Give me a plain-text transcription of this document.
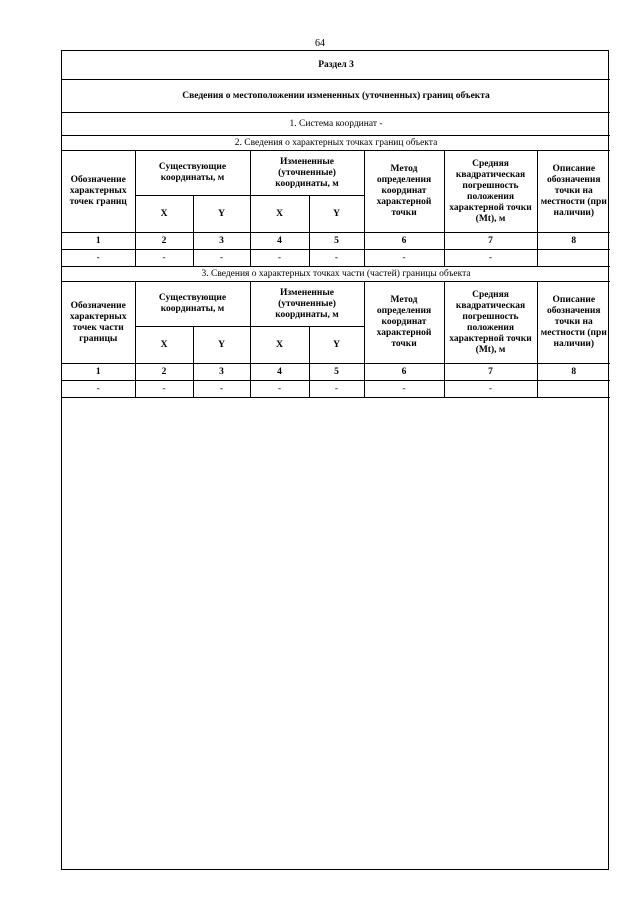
64
Раздел 3							
Сведения о местоположении измененных (уточненных) границ объекта							
1. Система координат -							
2. Сведения о характерных точках границ объекта							
Обозначение характерных точек границ	Существующие координаты, м		Измененные (уточненные) координаты, м		Метод определения координат характерной точки	Средняя квадратическая погрешность положения характерной точки (Mt), м	Описание обозначения точки на местности (при наличии)
	X	Y	X	Y			
1	2	3	4	5	6	7	8
-	-	-	-	-	-	-	
3. Сведения о характерных точках части (частей) границы объекта							
Обозначение характерных точек части границы	Существующие координаты, м		Измененные (уточненные) координаты, м		Метод определения координат характерной точки	Средняя квадратическая погрешность положения характерной точки (Mt), м	Описание обозначения точки на местности (при наличии)
	X	Y	X	Y			
1	2	3	4	5	6	7	8
-	-	-	-	-	-	-	
